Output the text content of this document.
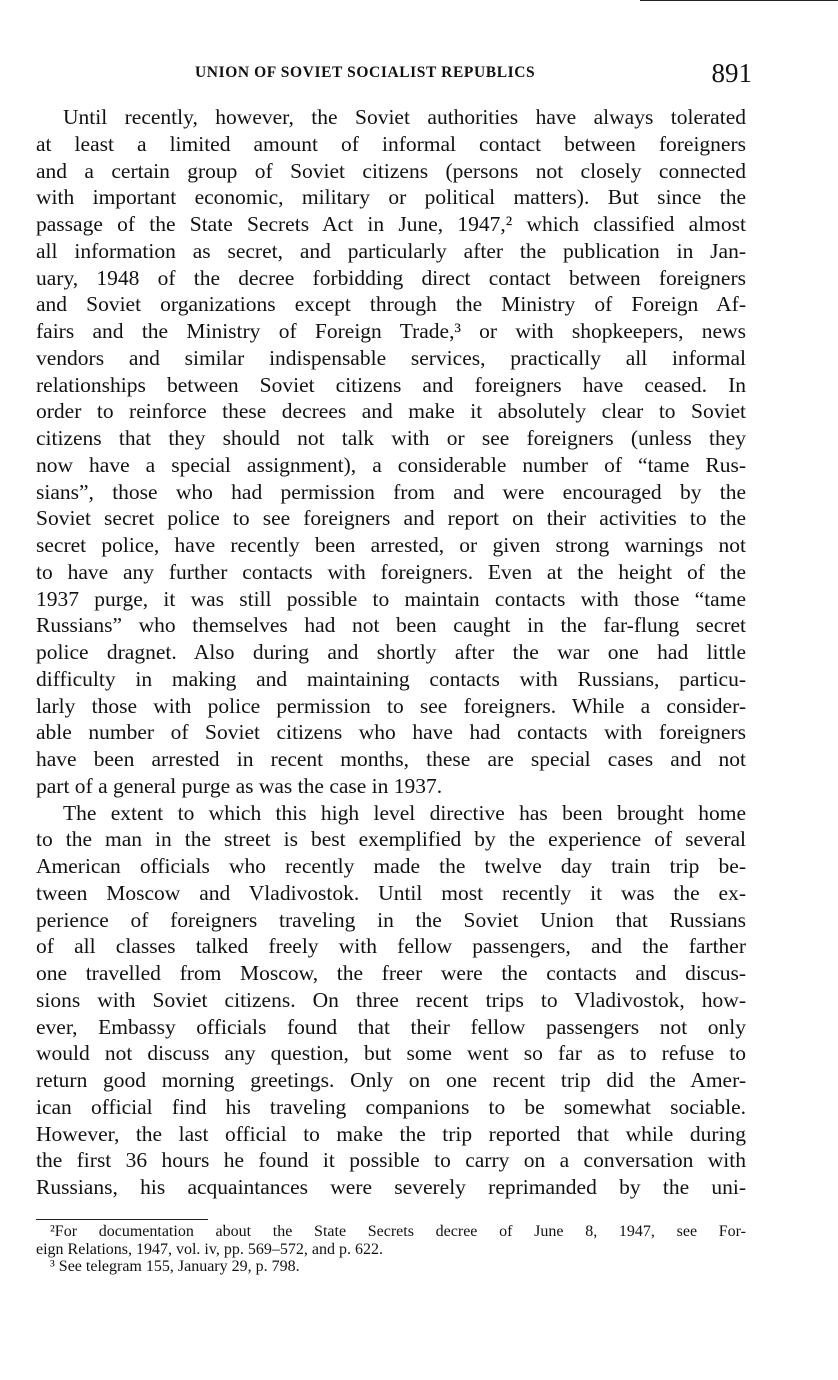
UNION OF SOVIET SOCIALIST REPUBLICS	891
Until recently, however, the Soviet authorities have always tolerated
at least a limited amount of informal contact between foreigners
and a certain group of Soviet citizens (persons not closely connected
with important economic, military or political matters). But since the
passage of the State Secrets Act in June, 1947,² which classified almost
all information as secret, and particularly after the publication in Jan-
uary, 1948 of the decree forbidding direct contact between foreigners
and Soviet organizations except through the Ministry of Foreign Af-
fairs and the Ministry of Foreign Trade,³ or with shopkeepers, news
vendors and similar indispensable services, practically all informal
relationships between Soviet citizens and foreigners have ceased. In
order to reinforce these decrees and make it absolutely clear to Soviet
citizens that they should not talk with or see foreigners (unless they
now have a special assignment), a considerable number of “tame Rus-
sians”, those who had permission from and were encouraged by the
Soviet secret police to see foreigners and report on their activities to the
secret police, have recently been arrested, or given strong warnings not
to have any further contacts with foreigners. Even at the height of the
1937 purge, it was still possible to maintain contacts with those “tame
Russians” who themselves had not been caught in the far-flung secret
police dragnet. Also during and shortly after the war one had little
difficulty in making and maintaining contacts with Russians, particu-
larly those with police permission to see foreigners. While a consider-
able number of Soviet citizens who have had contacts with foreigners
have been arrested in recent months, these are special cases and not
part of a general purge as was the case in 1937.
The extent to which this high level directive has been brought home
to the man in the street is best exemplified by the experience of several
American officials who recently made the twelve day train trip be-
tween Moscow and Vladivostok. Until most recently it was the ex-
perience of foreigners traveling in the Soviet Union that Russians
of all classes talked freely with fellow passengers, and the farther
one travelled from Moscow, the freer were the contacts and discus-
sions with Soviet citizens. On three recent trips to Vladivostok, how-
ever, Embassy officials found that their fellow passengers not only
would not discuss any question, but some went so far as to refuse to
return good morning greetings. Only on one recent trip did the Amer-
ican official find his traveling companions to be somewhat sociable.
However, the last official to make the trip reported that while during
the first 36 hours he found it possible to carry on a conversation with
Russians, his acquaintances were severely reprimanded by the uni-
²For documentation about the State Secrets decree of June 8, 1947, see For-
eign Relations, 1947, vol. iv, pp. 569–572, and p. 622.
³ See telegram 155, January 29, p. 798.
